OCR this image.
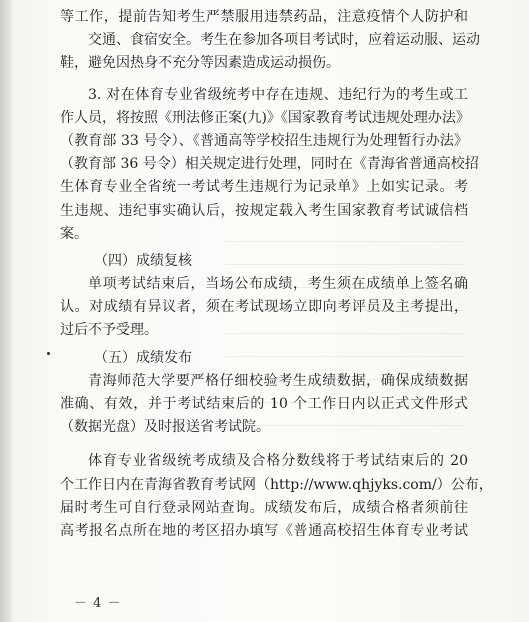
等工作，提前告知考生严禁服用违禁药品，注意疫情个人防护和
交通、食宿安全。考生在参加各项目考试时，应着运动服、运动
鞋，避免因热身不充分等因素造成运动损伤。
3. 对在体育专业省级统考中存在违规、违纪行为的考生或工
作人员，将按照《刑法修正案(九)》《国家教育考试违规处理办法》
（教育部 33 号令）、《普通高等学校招生违规行为处理暂行办法》
（教育部 36 号令）相关规定进行处理，同时在《青海省普通高校招
生体育专业全省统一考试考生违规行为记录单》上如实记录。考
生违规、违纪事实确认后，按规定载入考生国家教育考试诚信档
案。
（四）成绩复核
单项考试结束后，当场公布成绩，考生须在成绩单上签名确
认。对成绩有异议者，须在考试现场立即向考评员及主考提出，
过后不予受理。
（五）成绩发布
青海师范大学要严格仔细校验考生成绩数据，确保成绩数据
准确、有效，并于考试结束后的 10 个工作日内以正式文件形式
（数据光盘）及时报送省考试院。
体育专业省级统考成绩及合格分数线将于考试结束后的 20
个工作日内在青海省教育考试网（http://www.qhjyks.com/）公布，
届时考生可自行登录网站查询。成绩发布后，成绩合格者须前往
高考报名点所在地的考区招办填写《普通高校招生体育专业考试
－ 4 －
